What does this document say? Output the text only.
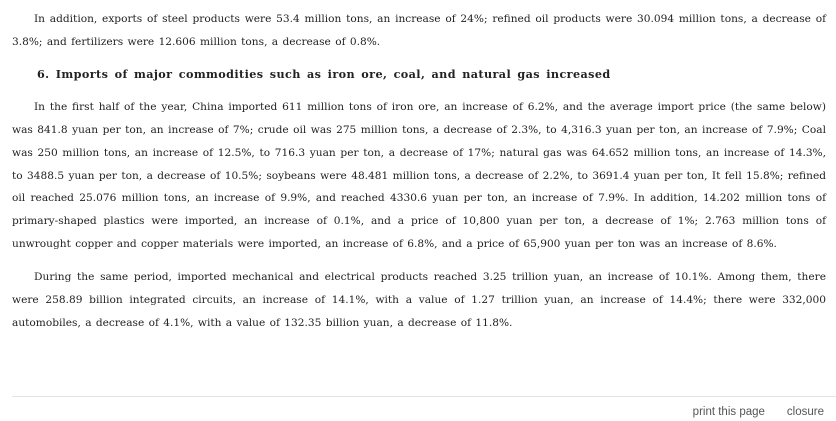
In addition, exports of steel products were 53.4 million tons, an increase of 24%; refined oil products were 30.094 million tons, a decrease of 3.8%; and fertilizers were 12.606 million tons, a decrease of 0.8%.

6. Imports of major commodities such as iron ore, coal, and natural gas increased

In the first half of the year, China imported 611 million tons of iron ore, an increase of 6.2%, and the average import price (the same below) was 841.8 yuan per ton, an increase of 7%; crude oil was 275 million tons, a decrease of 2.3%, to 4,316.3 yuan per ton, an increase of 7.9%; Coal was 250 million tons, an increase of 12.5%, to 716.3 yuan per ton, a decrease of 17%; natural gas was 64.652 million tons, an increase of 14.3%, to 3488.5 yuan per ton, a decrease of 10.5%; soybeans were 48.481 million tons, a decrease of 2.2%, to 3691.4 yuan per ton, It fell 15.8%; refined oil reached 25.076 million tons, an increase of 9.9%, and reached 4330.6 yuan per ton, an increase of 7.9%. In addition, 14.202 million tons of primary-shaped plastics were imported, an increase of 0.1%, and a price of 10,800 yuan per ton, a decrease of 1%; 2.763 million tons of unwrought copper and copper materials were imported, an increase of 6.8%, and a price of 65,900 yuan per ton was an increase of 8.6%.

During the same period, imported mechanical and electrical products reached 3.25 trillion yuan, an increase of 10.1%. Among them, there were 258.89 billion integrated circuits, an increase of 14.1%, with a value of 1.27 trillion yuan, an increase of 14.4%; there were 332,000 automobiles, a decrease of 4.1%, with a value of 132.35 billion yuan, a decrease of 11.8%.

print this page closure
